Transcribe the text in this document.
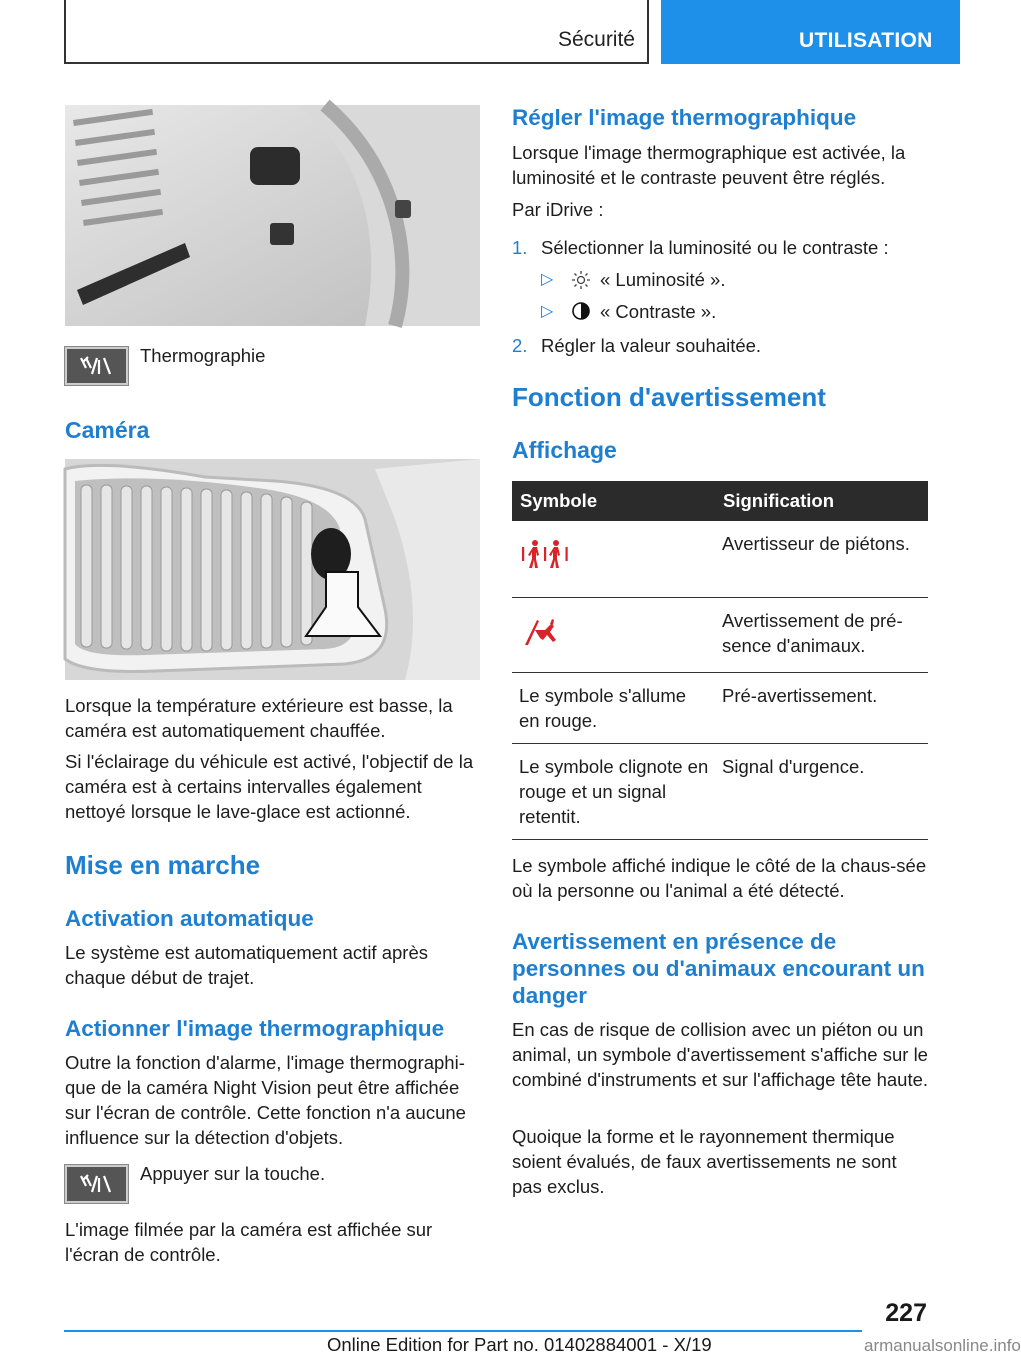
Sécurité	UTILISATION
Thermographie
Caméra
Lorsque la température extérieure est basse, la caméra est automatiquement chauffée.
Si l'éclairage du véhicule est activé, l'objectif de la caméra est à certains intervalles également nettoyé lorsque le lave-glace est actionné.
Mise en marche
Activation automatique
Le système est automatiquement actif après chaque début de trajet.
Actionner l'image thermographique
Outre la fonction d'alarme, l'image thermographi-que de la caméra Night Vision peut être affichée sur l'écran de contrôle. Cette fonction n'a aucune influence sur la détection d'objets.
Appuyer sur la touche.
L'image filmée par la caméra est affichée sur l'écran de contrôle.
Régler l'image thermographique
Lorsque l'image thermographique est activée, la luminosité et le contraste peuvent être réglés.
Par iDrive :
1. Sélectionner la luminosité ou le contraste :
▷	« Luminosité ».
▷	« Contraste ».
2. Régler la valeur souhaitée.
Fonction d'avertissement
Affichage
Symbole	Signification
	Avertisseur de piétons.
	Avertissement de pré-sence d'animaux.
Le symbole s'allume en rouge.	Pré-avertissement.
Le symbole clignote en rouge et un signal retentit.	Signal d'urgence.
Le symbole affiché indique le côté de la chaus-sée où la personne ou l'animal a été détecté.
Avertissement en présence de personnes ou d'animaux encourant un danger
En cas de risque de collision avec un piéton ou un animal, un symbole d'avertissement s'affiche sur le combiné d'instruments et sur l'affichage tête haute.
Quoique la forme et le rayonnement thermique soient évalués, de faux avertissements ne sont pas exclus.
227
Online Edition for Part no. 01402884001 - X/19	armanualsonline.info
